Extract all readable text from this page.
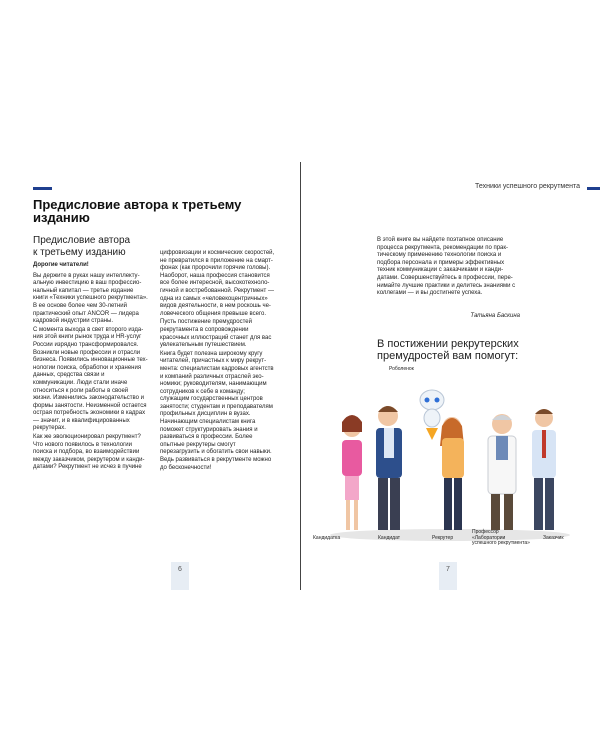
Техники успешного рекрутмента
Предисловие автора к третьему изданию
Предисловие автора
к третьему изданию

Дорогие читатели!

Вы держите в руках нашу интеллектуальную инвестицию в ваш профессиональный капитал — третье издание книги «Техники успешного рекрутмента». В ее основе более чем 30-летний практический опыт ANCOR — лидера кадровой индустрии страны.

С момента выхода в свет второго издания этой книги рынок труда и HR-услуг России изрядно трансформировался. Возникли новые профессии и отрасли бизнеса. Появились инновационные технологии поиска, обработки и хранения данных, средства связи и коммуникации. Люди стали иначе относиться к роли работы в своей жизни. Изменились законодательство и формы занятости. Неизменной остается острая потребность экономики в кадрах — значит, и в квалифицированных рекрутерах.

Как же эволюционировал рекрутмент? Что нового появилось в технологии поиска и подбора, во взаимодействии между заказчиком, рекрутером и кандидатами? Рекрутмент не исчез в пучине

цифровизации и космических скоростей, не превратился в приложение на смартфонах (как пророчили горячие головы). Наоборот, наша профессия становится все более интересной, высокотехнологичной и востребованной. Рекрутмент — одна из самых «человекоцентричных» видов деятельности, в нем роскошь человеческого общения превыше всего.

Пусть постижение премудростей рекрутамента в сопровождении красочных иллюстраций станет для вас увлекательным путешествием.

Книга будет полезна широкому кругу читателей, причастных к миру рекрутмента: специалистам кадровых агентств и компаний различных отраслей экономики; руководителям, нанимающим сотрудников к себе в команду; служащим государственных центров занятости; студентам и преподавателям профильных дисциплин в вузах. Начинающим специалистам книга поможет структурировать знания и развиваться в профессии. Более опытные рекрутеры смогут перезагрузить и обогатить свои навыки. Ведь развиваться в рекрутменте можно до бесконечности!

В этой книге вы найдете поэтапное описание процесса рекрутмента, рекомендации по практическому применению технологии поиска и подбора персонала и примеры эффективных техник коммуникации с заказчиками и кандидатами. Совершенствуйтесь в профессии, перенимайте лучшие практики и делитесь знаниями с коллегами — и вы достигнете успеха.
Татьяна Баскина
В постижении рекрутерских премудростей вам помогут:
Роболенок
Кандидатка	Кандидат	Рекрутер
Профессор
«Лаборатории
успешного рекрутмента»
Заказчик
6	7
